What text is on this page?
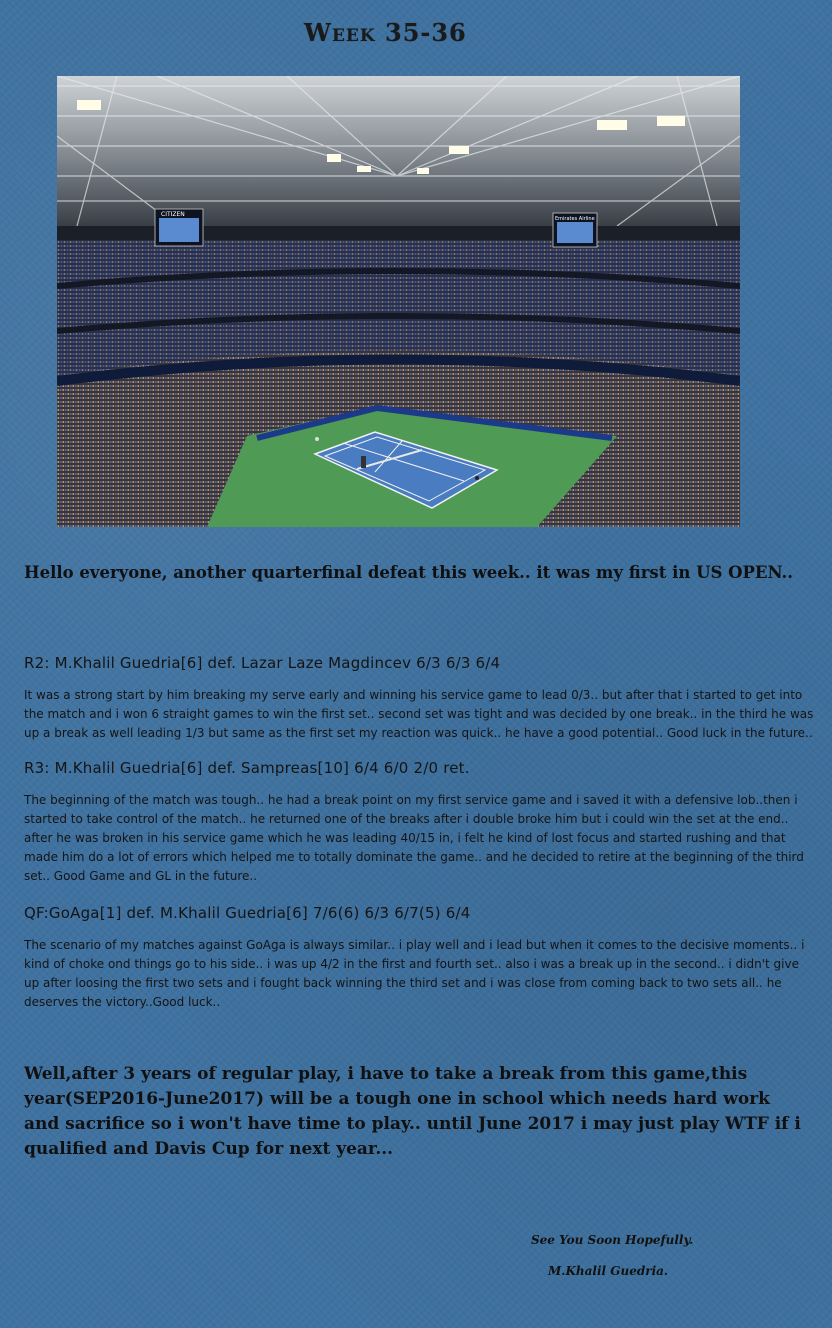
Week 35-36
CITIZEN
Emirates Airline
Hello everyone, another quarterfinal defeat this week.. it was my first in US OPEN..
R2: M.Khalil Guedria[6] def. Lazar Laze Magdincev 6/3 6/3 6/4
It was a strong start by him breaking my serve early and winning his service game to lead 0/3.. but after that i started to get into the match and i won 6 straight games to win the first set.. second set was tight and was decided by one break.. in the third he was up a break as well leading 1/3 but same as the first set my reaction was quick.. he have a good potential.. Good luck in the future..
R3: M.Khalil Guedria[6] def. Sampreas[10] 6/4 6/0 2/0 ret.
The beginning of the match was tough.. he had a break point on my first service game and i saved it with a defensive lob..then i started to take control of the match.. he returned one of the breaks after i double broke him but i could win the set at the end.. after he was broken in his service game which he was leading 40/15 in, i felt he kind of lost focus and started rushing and that made him do a lot of errors which helped me to totally dominate the game.. and he decided to retire at the beginning of the third set.. Good Game and GL in the future..
QF:GoAga[1] def. M.Khalil Guedria[6] 7/6(6) 6/3 6/7(5) 6/4
The scenario of my matches against GoAga is always similar.. i play well and i lead but when it comes to the decisive moments.. i kind of choke ond things go to his side.. i was up 4/2 in the first and fourth set.. also i was a break up in the second.. i didn't give up after loosing the first two sets and i fought back winning the third set and i was close from coming back to two sets all.. he deserves the victory..Good luck..
Well,after 3 years of regular play, i have to take a break from this game,this year(SEP2016-June2017) will be a tough one in school which needs hard work and sacrifice so i won't have time to play.. until June 2017 i may just play WTF if i qualified and Davis Cup for next year...
See You Soon Hopefully.
M.Khalil Guedria.
